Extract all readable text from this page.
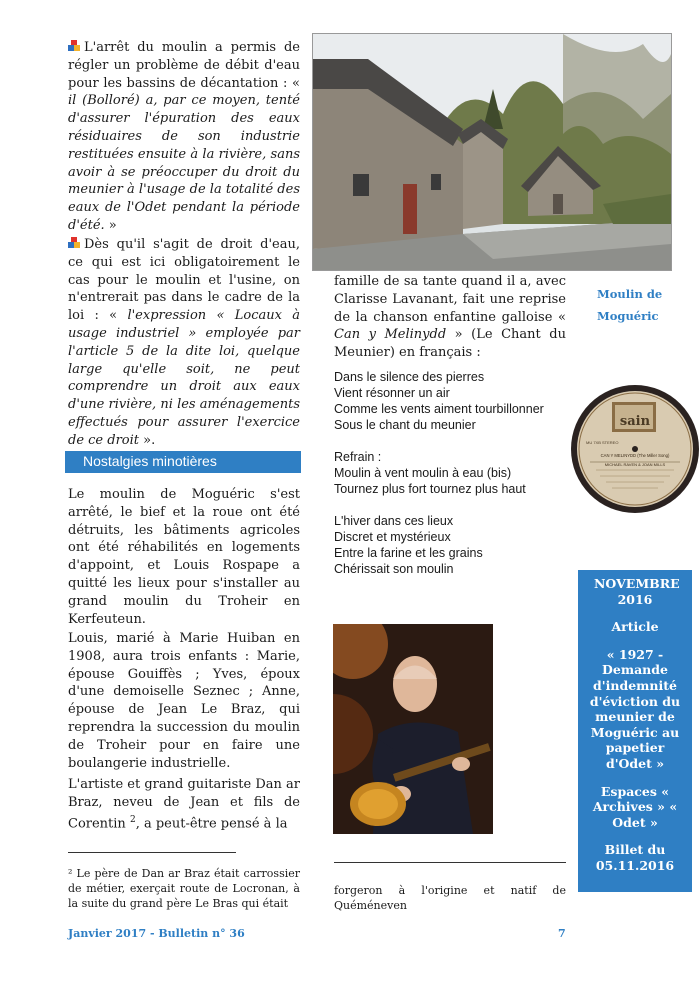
L'arrêt du moulin a permis de régler un problème de débit d'eau pour les bassins de décantation : « il (Bolloré) a, par ce moyen, tenté d'assurer l'épuration des eaux résiduaires de son industrie restituées ensuite à la rivière, sans avoir à se préoccuper du droit du meunier à l'usage de la totalité des eaux de l'Odet pendant la période d'été. »
Dès qu'il s'agit de droit d'eau, ce qui est ici obligatoirement le cas pour le moulin et l'usine, on n'entrerait pas dans le cadre de la loi : « l'expression « Locaux à usage industriel » employée par l'article 5 de la dite loi, quelque large qu'elle soit, ne peut comprendre un droit aux eaux d'une rivière, ni les aménagements effectués pour assurer l'exercice de ce droit ».
Nostalgies minotières

Le moulin de Moguéric s'est arrêté, le bief et la roue ont été détruits, les bâtiments agricoles ont été réhabilités en logements d'appoint, et Louis Rospape a quitté les lieux pour s'installer au grand moulin du Troheir en Kerfeuteun.

Louis, marié à Marie Huiban en 1908, aura trois enfants : Marie, épouse Gouiffès ; Yves, époux d'une demoiselle Seznec ; Anne, épouse de Jean Le Braz, qui reprendra la succession du moulin de Troheir pour en faire une boulangerie industrielle.

L'artiste et grand guitariste Dan ar Braz, neveu de Jean et fils de Corentin $^2$, a peut-être pensé à la

² Le père de Dan ar Braz était carrossier de métier, exerçait route de Locronan, à la suite du grand père Le Bras qui était

Moulin de Moguéric
famille de sa tante quand il a, avec Clarisse Lavanant, fait une reprise de la chanson enfantine galloise « Can y Melinydd » (Le Chant du Meunier) en français :
Dans le silence des pierres
Vient résonner un air
Comme les vents aiment tourbillonner
Sous le chant du meunier
Refrain :
Moulin à vent moulin à eau (bis)
Tournez plus fort tournez plus haut
L'hiver dans ces lieux
Discret et mystérieux
Entre la farine et les grains
Chérissait son moulin
sain
MU 7XB STEREO
CAN Y MELINYDD (The Miller Song)
MICHAEL RAVEN & JOAN MILLS

forgeron à l'origine et natif de Quéméneven

NOVEMBRE 2016
Article
« 1927 - Demande d'indemnité d'éviction du meunier de Moguéric au papetier d'Odet »
Espaces « Archives » « Odet »
Billet du 05.11.2016
Janvier 2017 - Bulletin n° 36	7
